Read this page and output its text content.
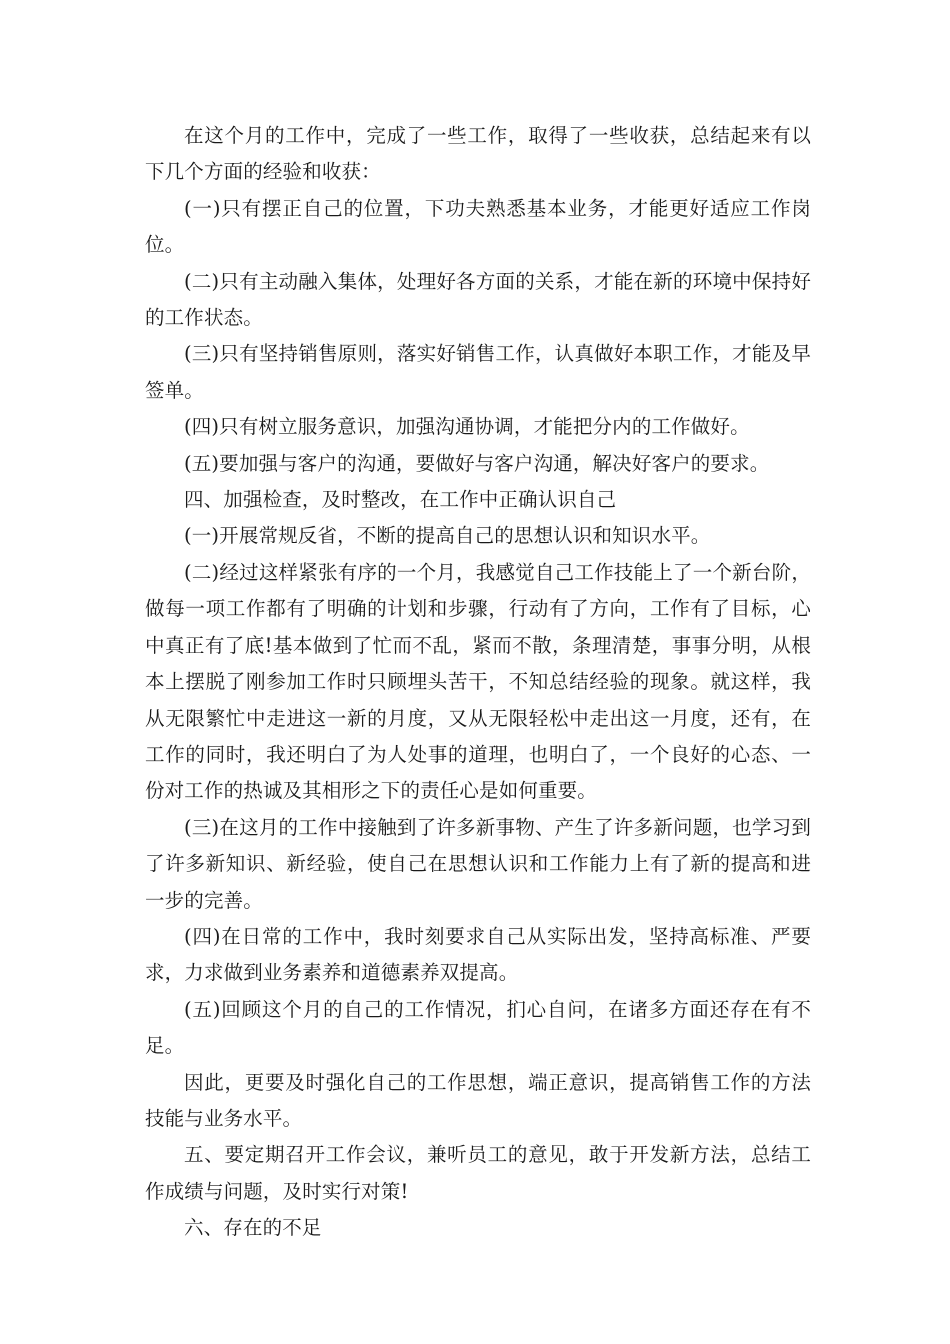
在这个月的工作中，完成了一些工作，取得了一些收获，总结起来有以下几个方面的经验和收获：

(一)只有摆正自己的位置，下功夫熟悉基本业务，才能更好适应工作岗位。

(二)只有主动融入集体，处理好各方面的关系，才能在新的环境中保持好的工作状态。

(三)只有坚持销售原则，落实好销售工作，认真做好本职工作，才能及早签单。

(四)只有树立服务意识，加强沟通协调，才能把分内的工作做好。

(五)要加强与客户的沟通，要做好与客户沟通，解决好客户的要求。

四、加强检查，及时整改，在工作中正确认识自己

(一)开展常规反省，不断的提高自己的思想认识和知识水平。

(二)经过这样紧张有序的一个月，我感觉自己工作技能上了一个新台阶，做每一项工作都有了明确的计划和步骤，行动有了方向，工作有了目标，心中真正有了底!基本做到了忙而不乱，紧而不散，条理清楚，事事分明，从根本上摆脱了刚参加工作时只顾埋头苦干，不知总结经验的现象。就这样，我从无限繁忙中走进这一新的月度，又从无限轻松中走出这一月度，还有，在工作的同时，我还明白了为人处事的道理，也明白了，一个良好的心态、一份对工作的热诚及其相形之下的责任心是如何重要。

(三)在这月的工作中接触到了许多新事物、产生了许多新问题，也学习到了许多新知识、新经验，使自己在思想认识和工作能力上有了新的提高和进一步的完善。

(四)在日常的工作中，我时刻要求自己从实际出发，坚持高标准、严要求，力求做到业务素养和道德素养双提高。

(五)回顾这个月的自己的工作情况，扪心自问，在诸多方面还存在有不足。

因此，更要及时强化自己的工作思想，端正意识，提高销售工作的方法技能与业务水平。

五、要定期召开工作会议，兼听员工的意见，敢于开发新方法，总结工作成绩与问题，及时实行对策!

六、存在的不足
